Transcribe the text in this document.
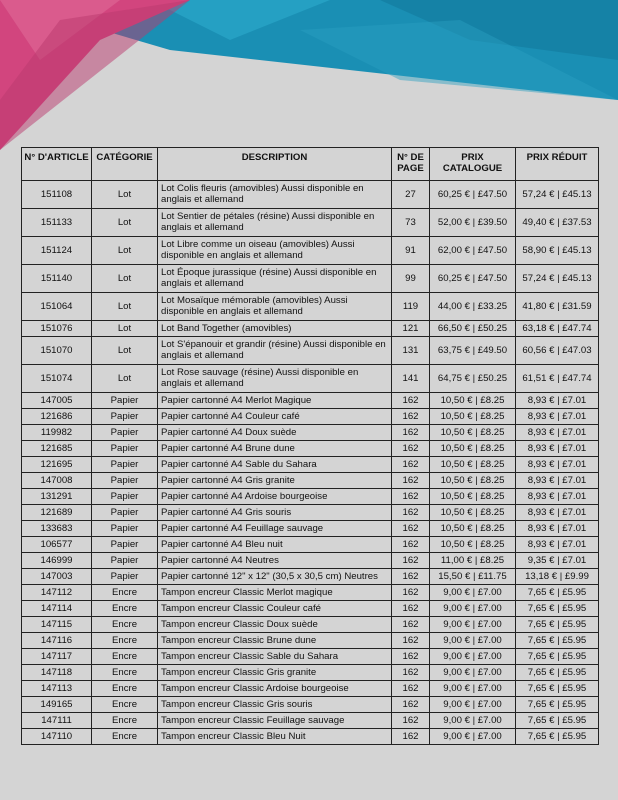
N° D'ARTICLE	CATÉGORIE	DESCRIPTION	N° DE PAGE	PRIX CATALOGUE	PRIX RÉDUIT
151108	Lot	Lot Colis fleuris (amovibles) Aussi disponible en anglais et allemand	27	60,25 € | £47.50	57,24 € | £45.13
151133	Lot	Lot Sentier de pétales (résine) Aussi disponible en anglais et allemand	73	52,00 € | £39.50	49,40 € | £37.53
151124	Lot	Lot Libre comme un oiseau (amovibles) Aussi disponible en anglais et allemand	91	62,00 € | £47.50	58,90 € | £45.13
151140	Lot	Lot Époque jurassique (résine) Aussi disponible en anglais et allemand	99	60,25 € | £47.50	57,24 € | £45.13
151064	Lot	Lot Mosaïque mémorable (amovibles) Aussi disponible en anglais et allemand	119	44,00 € | £33.25	41,80 € | £31.59
151076	Lot	Lot Band Together (amovibles)	121	66,50 € | £50.25	63,18 € | £47.74
151070	Lot	Lot S'épanouir et grandir (résine) Aussi disponible en anglais et allemand	131	63,75 € | £49.50	60,56 € | £47.03
151074	Lot	Lot Rose sauvage (résine) Aussi disponible en anglais et allemand	141	64,75 € | £50.25	61,51 € | £47.74
147005	Papier	Papier cartonné A4 Merlot Magique	162	10,50 € | £8.25	8,93 € | £7.01
121686	Papier	Papier cartonné A4 Couleur café	162	10,50 € | £8.25	8,93 € | £7.01
119982	Papier	Papier cartonné A4 Doux suède	162	10,50 € | £8.25	8,93 € | £7.01
121685	Papier	Papier cartonné A4 Brune dune	162	10,50 € | £8.25	8,93 € | £7.01
121695	Papier	Papier cartonné A4 Sable du Sahara	162	10,50 € | £8.25	8,93 € | £7.01
147008	Papier	Papier cartonné A4 Gris granite	162	10,50 € | £8.25	8,93 € | £7.01
131291	Papier	Papier cartonné A4 Ardoise bourgeoise	162	10,50 € | £8.25	8,93 € | £7.01
121689	Papier	Papier cartonné A4 Gris souris	162	10,50 € | £8.25	8,93 € | £7.01
133683	Papier	Papier cartonné A4 Feuillage sauvage	162	10,50 € | £8.25	8,93 € | £7.01
106577	Papier	Papier cartonné A4 Bleu nuit	162	10,50 € | £8.25	8,93 € | £7.01
146999	Papier	Papier cartonné A4 Neutres	162	11,00 € | £8.25	9,35 € | £7.01
147003	Papier	Papier cartonné 12" x 12" (30,5 x 30,5 cm) Neutres	162	15,50 € | £11.75	13,18 € | £9.99
147112	Encre	Tampon encreur Classic Merlot magique	162	9,00 € | £7.00	7,65 € | £5.95
147114	Encre	Tampon encreur Classic Couleur café	162	9,00 € | £7.00	7,65 € | £5.95
147115	Encre	Tampon encreur Classic Doux suède	162	9,00 € | £7.00	7,65 € | £5.95
147116	Encre	Tampon encreur Classic Brune dune	162	9,00 € | £7.00	7,65 € | £5.95
147117	Encre	Tampon encreur Classic Sable du Sahara	162	9,00 € | £7.00	7,65 € | £5.95
147118	Encre	Tampon encreur Classic Gris granite	162	9,00 € | £7.00	7,65 € | £5.95
147113	Encre	Tampon encreur Classic Ardoise bourgeoise	162	9,00 € | £7.00	7,65 € | £5.95
149165	Encre	Tampon encreur Classic Gris souris	162	9,00 € | £7.00	7,65 € | £5.95
147111	Encre	Tampon encreur Classic Feuillage sauvage	162	9,00 € | £7.00	7,65 € | £5.95
147110	Encre	Tampon encreur Classic Bleu Nuit	162	9,00 € | £7.00	7,65 € | £5.95
